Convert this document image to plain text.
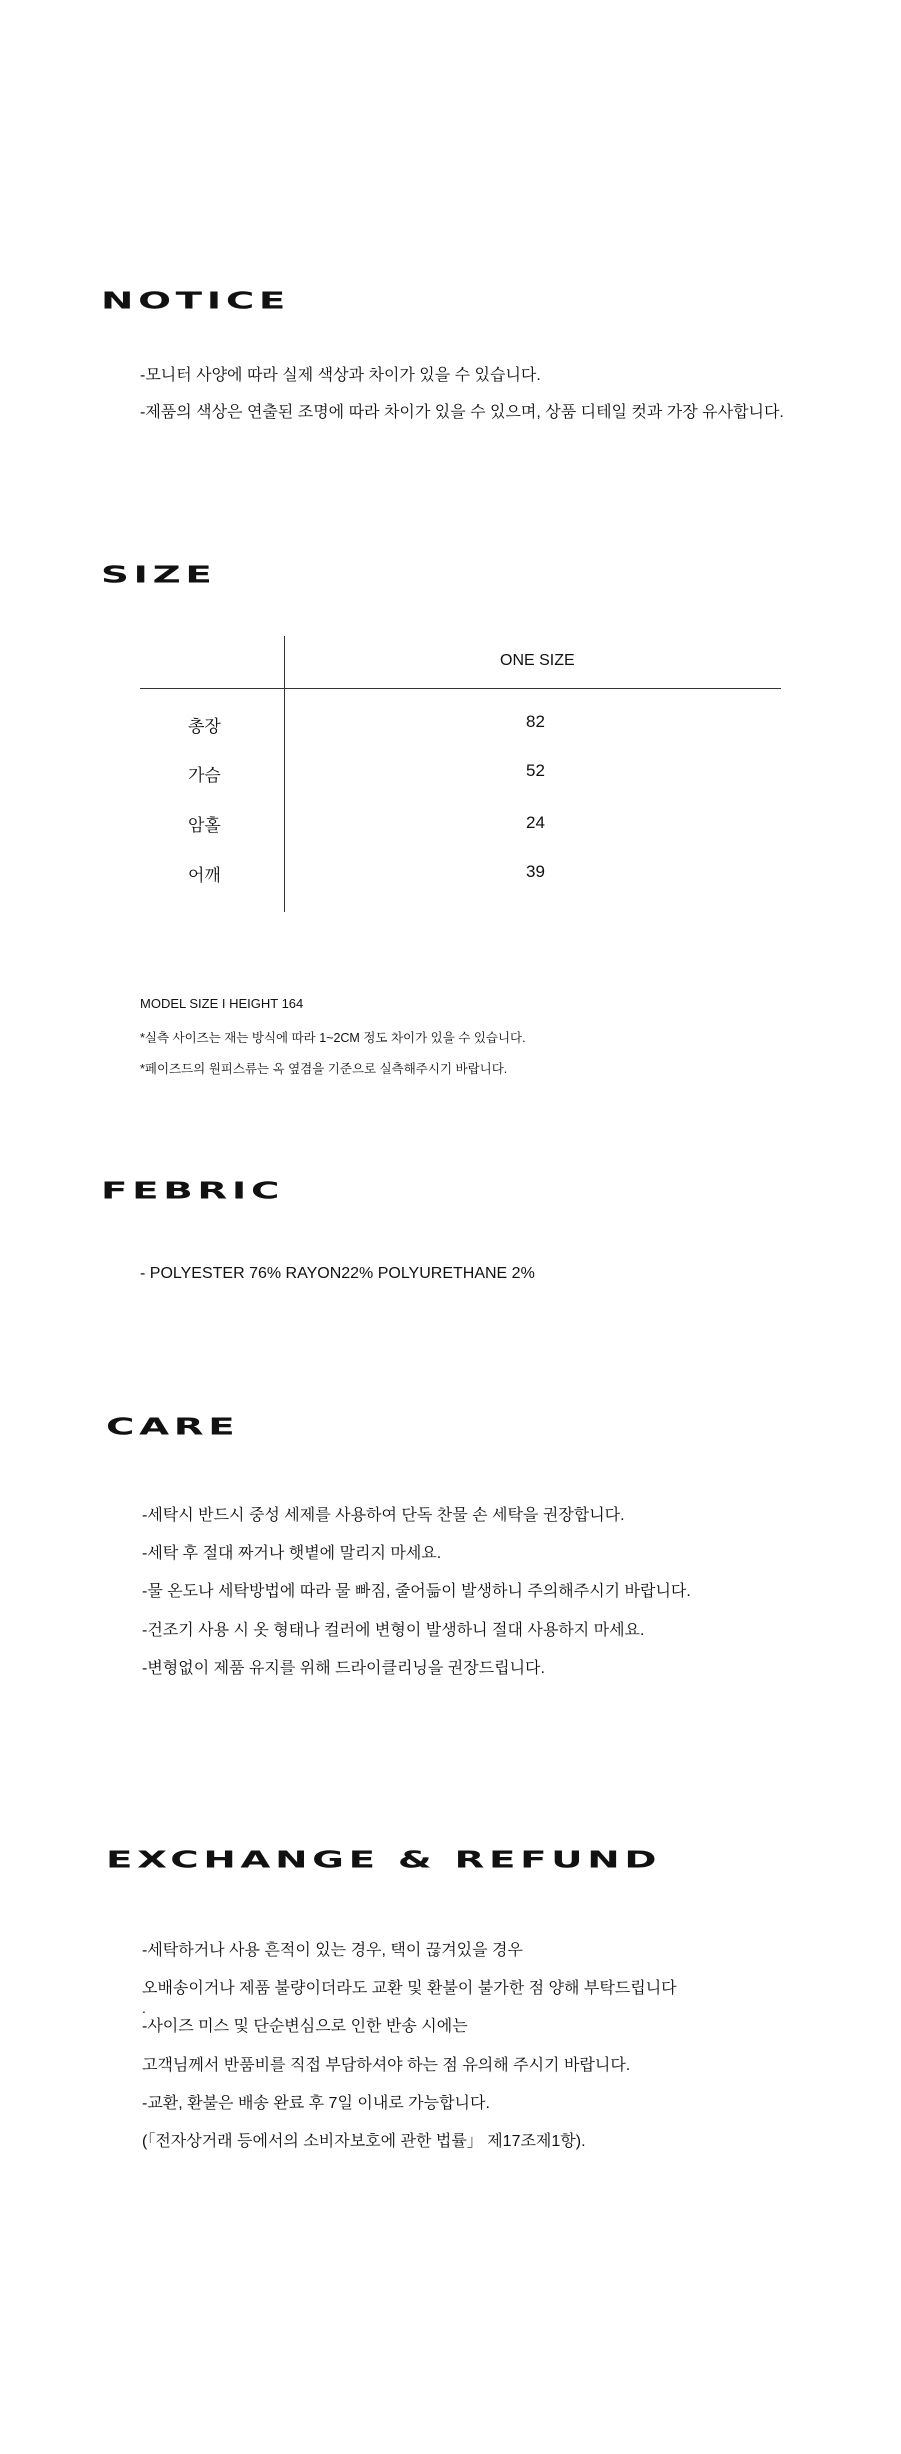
NOTICE

-모니터 사양에 따라 실제 색상과 차이가 있을 수 있습니다.

-제품의 색상은 연출된 조명에 따라 차이가 있을 수 있으며, 상품 디테일 컷과 가장 유사합니다.

SIZE
ONE SIZE
총장	82
가슴	52
암홀	24
어깨	39

MODEL SIZE I HEIGHT 164

*실측 사이즈는 재는 방식에 따라 1~2CM 정도 차이가 있을 수 있습니다.

*페이즈드의 원피스류는 옥 옆겸을 기준으로 실측해주시기 바랍니다.

FEBRIC

- POLYESTER 76% RAYON22% POLYURETHANE 2%

CARE

-세탁시 반드시 중성 세제를 사용하여 단독 찬물 손 세탁을 권장합니다.

-세탁 후 절대 짜거나 햇볕에 말리지 마세요.

-물 온도나 세탁방법에 따라 물 빠짐, 줄어듦이 발생하니 주의해주시기 바랍니다.

-건조기 사용 시 옷 형태나 컬러에 변형이 발생하니 절대 사용하지 마세요.

-변형없이 제품 유지를 위해 드라이클리닝을 권장드립니다.

EXCHANGE & REFUND

-세탁하거나 사용 흔적이 있는 경우, 택이 끊겨있을 경우

오배송이거나 제품 불량이더라도 교환 및 환불이 불가한 점 양해 부탁드립니다

.

-사이즈 미스 및 단순변심으로 인한 반송 시에는

고객님께서 반품비를 직접 부담하셔야 하는 점 유의해 주시기 바랍니다.

-교환, 환불은 배송 완료 후 7일 이내로 가능합니다.

(「전자상거래 등에서의 소비자보호에 관한 법률」 제17조제1항).
